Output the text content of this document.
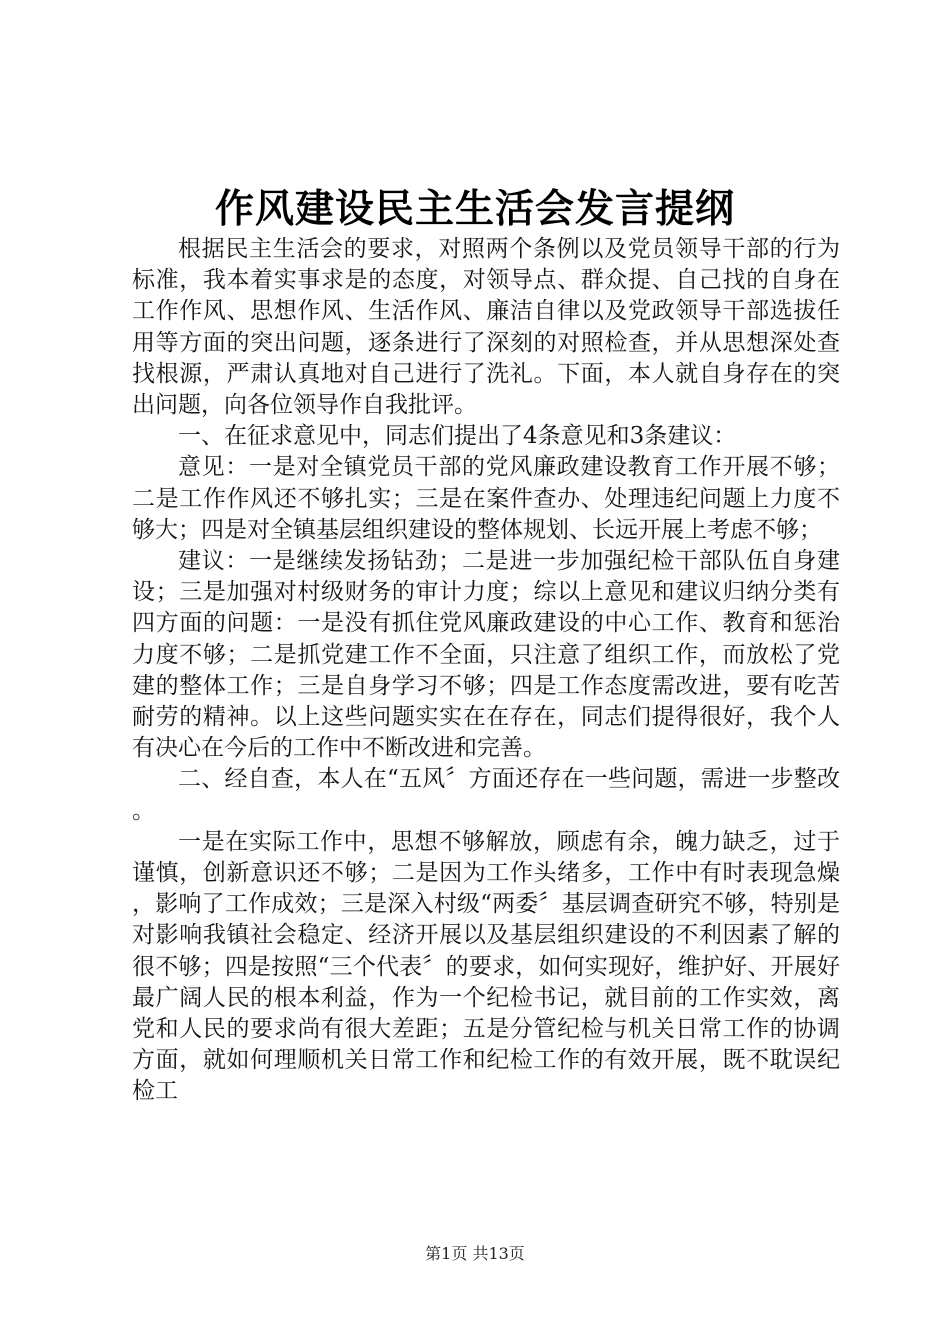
作风建设民主生活会发言提纲

根据民主生活会的要求，对照两个条例以及党员领导干部的行为标准，我本着实事求是的态度，对领导点、群众提、自己找的自身在工作作风、思想作风、生活作风、廉洁自律以及党政领导干部选拔任用等方面的突出问题，逐条进行了深刻的对照检查，并从思想深处查找根源，严肃认真地对自己进行了洗礼。下面，本人就自身存在的突出问题，向各位领导作自我批评。

一、在征求意见中，同志们提出了4条意见和3条建议：

意见：一是对全镇党员干部的党风廉政建设教育工作开展不够；二是工作作风还不够扎实；三是在案件查办、处理违纪问题上力度不够大；四是对全镇基层组织建设的整体规划、长远开展上考虑不够；

建议：一是继续发扬钻劲；二是进一步加强纪检干部队伍自身建设；三是加强对村级财务的审计力度；综以上意见和建议归纳分类有四方面的问题：一是没有抓住党风廉政建设的中心工作、教育和惩治力度不够；二是抓党建工作不全面，只注意了组织工作，而放松了党建的整体工作；三是自身学习不够；四是工作态度需改进，要有吃苦耐劳的精神。以上这些问题实实在在存在，同志们提得很好，我个人有决心在今后的工作中不断改进和完善。

二、经自查，本人在“五风〞方面还存在一些问题，需进一步整改。

一是在实际工作中，思想不够解放，顾虑有余，魄力缺乏，过于谨慎，创新意识还不够；二是因为工作头绪多，工作中有时表现急燥，影响了工作成效；三是深入村级“两委〞基层调查研究不够，特别是对影响我镇社会稳定、经济开展以及基层组织建设的不利因素了解的很不够；四是按照“三个代表〞的要求，如何实现好，维护好、开展好最广阔人民的根本利益，作为一个纪检书记，就目前的工作实效，离党和人民的要求尚有很大差距；五是分管纪检与机关日常工作的协调方面，就如何理顺机关日常工作和纪检工作的有效开展，既不耽误纪检工

第1页 共13页
